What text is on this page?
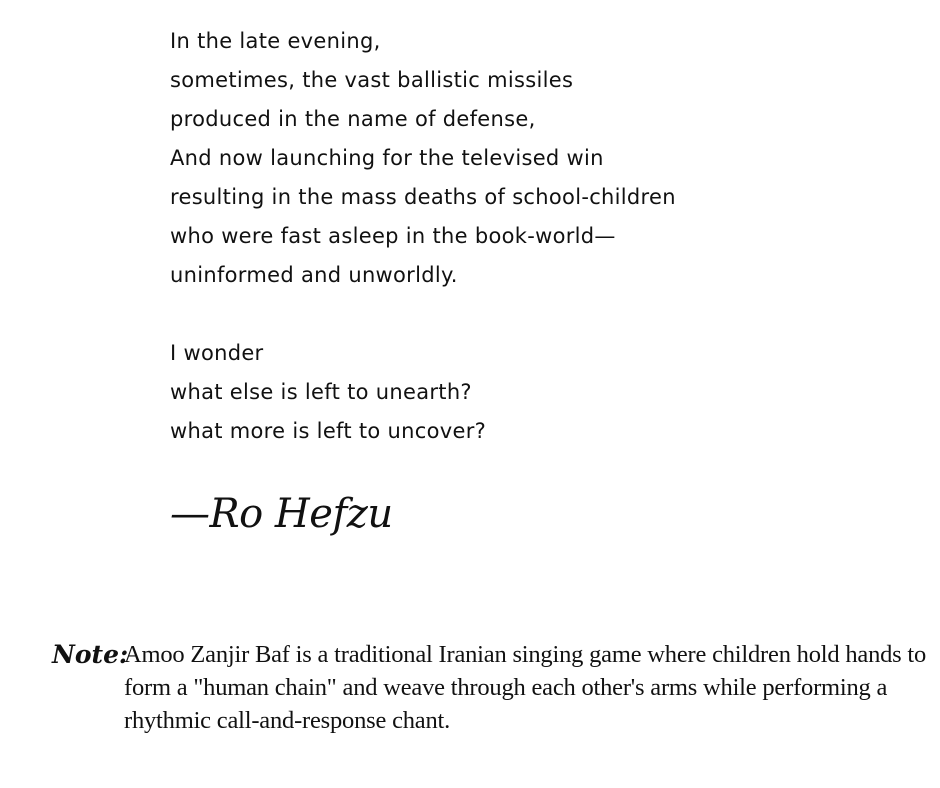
In the late evening,
sometimes, the vast ballistic missiles
produced in the name of defense,
And now launching for the televised win
resulting in the mass deaths of school-children
who were fast asleep in the book-world—
uninformed and unworldly.
I wonder
what else is left to unearth?
what more is left to uncover?
—Ro Hefzu
Note:
Amoo Zanjir Baf is a traditional Iranian singing game where children hold hands to form a "human chain" and weave through each other's arms while performing a rhythmic call-and-response chant.
